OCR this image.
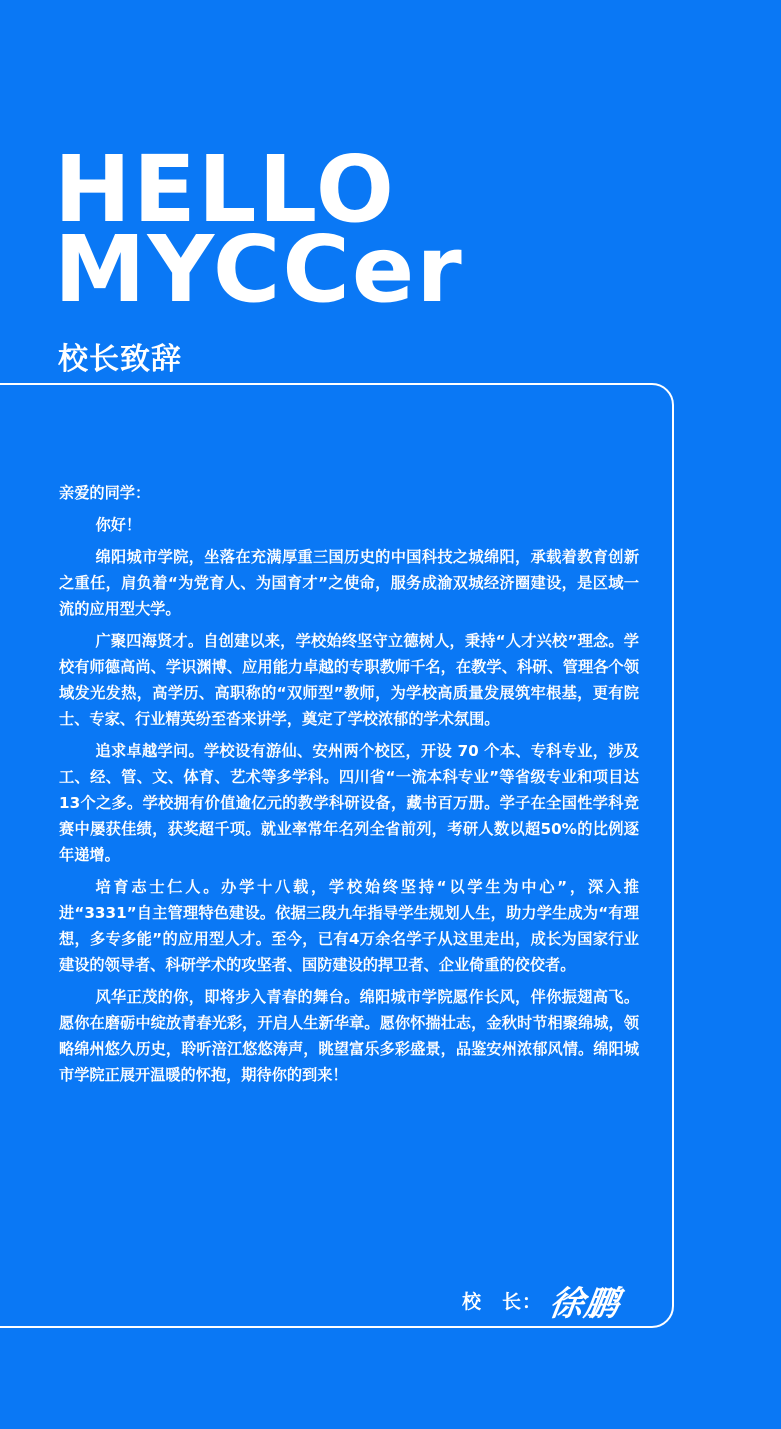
HELLO
MYCCer
校长致辞

亲爱的同学：

你好！

绵阳城市学院，坐落在充满厚重三国历史的中国科技之城绵阳，承载着教育创新之重任，肩负着“为党育人、为国育才”之使命，服务成渝双城经济圈建设，是区域一流的应用型大学。

广聚四海贤才。自创建以来，学校始终坚守立德树人，秉持“人才兴校”理念。学校有师德高尚、学识渊博、应用能力卓越的专职教师千名，在教学、科研、管理各个领域发光发热，高学历、高职称的“双师型”教师，为学校高质量发展筑牢根基，更有院士、专家、行业精英纷至沓来讲学，奠定了学校浓郁的学术氛围。

追求卓越学问。学校设有游仙、安州两个校区，开设 70 个本、专科专业，涉及工、经、管、文、体育、艺术等多学科。四川省“一流本科专业”等省级专业和项目达13个之多。学校拥有价值逾亿元的教学科研设备，藏书百万册。学子在全国性学科竞赛中屡获佳绩，获奖超千项。就业率常年名列全省前列，考研人数以超50%的比例逐年递增。

培育志士仁人。办学十八载，学校始终坚持“以学生为中心”，深入推进“3331”自主管理特色建设。依据三段九年指导学生规划人生，助力学生成为“有理想，多专多能”的应用型人才。至今，已有4万余名学子从这里走出，成长为国家行业建设的领导者、科研学术的攻坚者、国防建设的捍卫者、企业倚重的佼佼者。

风华正茂的你，即将步入青春的舞台。绵阳城市学院愿作长风，伴你振翅高飞。愿你在磨砺中绽放青春光彩，开启人生新华章。愿你怀揣壮志，金秋时节相聚绵城，领略绵州悠久历史，聆听涪江悠悠涛声，眺望富乐多彩盛景，品鉴安州浓郁风情。绵阳城市学院正展开温暖的怀抱，期待你的到来！

校　长： 徐鹏
